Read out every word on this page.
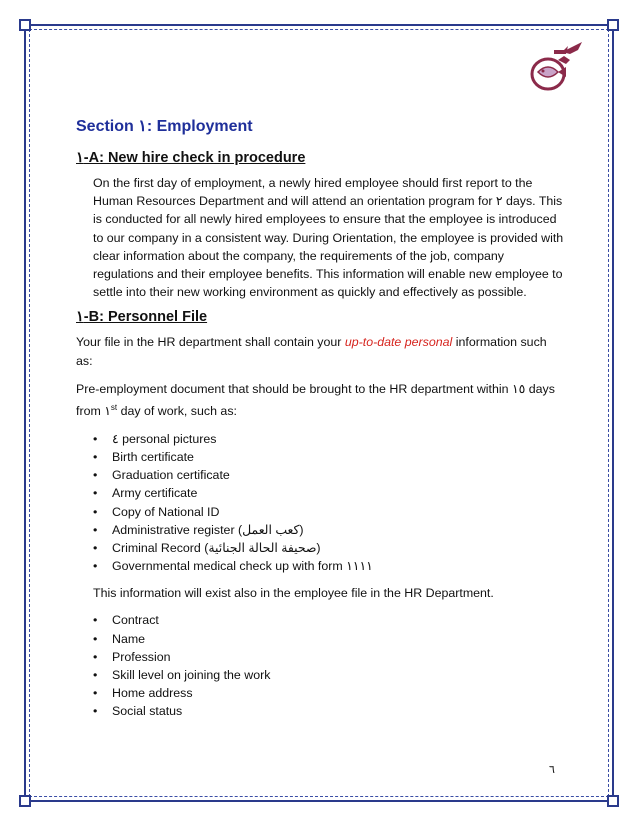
Section ١: Employment
١-A: New hire check in procedure

On the first day of employment, a newly hired employee should first report to the Human Resources Department and will attend an orientation program for ٢ days. This is conducted for all newly hired employees to ensure that the employee is introduced to our company in a consistent way. During Orientation, the employee is provided with clear information about the company, the requirements of the job, company regulations and their employee benefits. This information will enable new employee to settle into their new working environment as quickly and effectively as possible.

١-B: Personnel File

Your file in the HR department shall contain your up-to-date personal information such as:

Pre-employment document that should be brought to the HR department within ١٥ days from ١st day of work, such as:

• ٤ personal pictures
• Birth certificate
• Graduation certificate
• Army certificate
• Copy of National ID
• Administrative register (كعب العمل)
• Criminal Record (صحيفة الحالة الجنائية)
• Governmental medical check up with form ١١١١

This information will exist also in the employee file in the HR Department.

• Contract
• Name
• Profession
• Skill level on joining the work
• Home address
• Social status
٦
